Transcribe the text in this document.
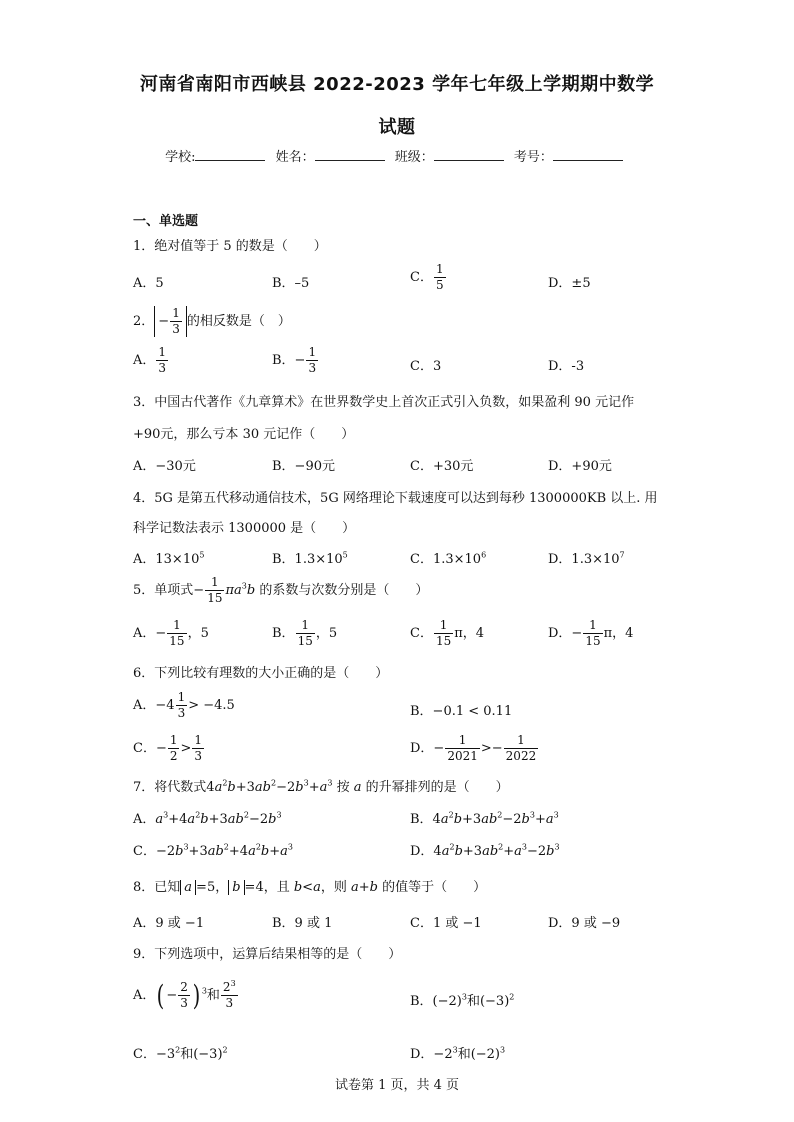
河南省南阳市西峡县 2022-2023 学年七年级上学期期中数学
试题
学校:	姓名：	班级：	考号：
一、单选题
1．绝对值等于 5 的数是（　　）
A．5	B．–5	C． $\frac{1}{5}$	D．±5
2． − $\frac{1}{3}$ 的相反数是（　）
A． $\frac{1}{3}$	B．− $\frac{1}{3}$	C．3	D．-3
3．中国古代著作《九章算术》在世界数学史上首次正式引入负数，如果盈利 90 元记作
+90元，那么亏本 30 元记作（　　）
A．−30元	B．−90元	C．+30元	D．+90元
4．5G 是第五代移动通信技术，5G 网络理论下载速度可以达到每秒 1300000KB 以上. 用
科学记数法表示 1300000 是（　　）
A．$13\times 10^5$	B．$1.3\times 10^5$	C．$1.3\times 10^6$	D．$1.3\times 10^7$
5．单项式− $\frac{1}{15} \pi a^3b$ 的系数与次数分别是（　　）
A．− $\frac{1}{15}$ ，5	B． $\frac{1}{15}$ ，5	C． $\frac{1}{15}$ π，4	D．− $\frac{1}{15}$ π，4
6．下列比较有理数的大小正确的是（　　）
A．$-4 \frac{1}{3} > -4.5$	B．−0.1 < 0.11
C．− $\frac{1}{2} > \frac{1}{3}$	D．− $\frac{1}{2021} >- \frac{1}{2022}$
7．将代数式$4a^2b+3ab^2-2b^3+a^3$ 按 a 的升幂排列的是（　　）
A．$a^3+4a^2b+3ab^2-2b^3$	B．$4a^2b+3ab^2-2b^3+a^3$
C．$-2b^3+3ab^2+4a^2b+a^3$	D．$4a^2b+3ab^2+a^3-2b^3$
8．已知 a =5， b =4，且 b<a，则 a+b 的值等于（　　）
A．9 或 −1	B．9 或 1	C．1 或 −1	D．9 或 −9
9．下列选项中，运算后结果相等的是（　　）
A．( − $\frac{2}{3}$ ) $^3$和 $\frac{2^3}{3}$	B．$(-2)^3$和$(-3)^2$
C．$-3^2$和$(-3)^2$	D．$-2^3$和$(-2)^3$
试卷第 1 页，共 4 页
